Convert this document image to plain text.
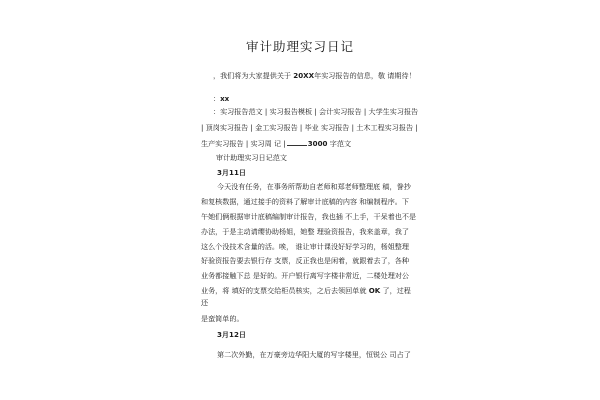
审计助理实习日记
，我们将为大家提供关于 20XX年实习报告的信息，敬 请期待！
：xx
：实习报告范文 | 实习报告模板 | 会计实习报告 | 大学生实习报告
| 顶岗实习报告 | 金工实习报告 | 毕业 实习报告 | 土木工程实习报告 |
生产实习报告 | 实习周 记 |	3000 字范文
审计助理实习日记范文
3月11日
今天没有任务，在事务所帮助自老师和郑老师整理底 稿，誊抄
和复核数据，通过接手的资料了解审计底稿的内容 和编制程序。下
午她们俩根据审计底稿编制审计报告，我也插 不上手，干呆着也不是
办法，于是主动请缨协助杨姐，她整 理验资报告，我来盖章，我了
这么个没技术含量的活。唉， 谁让审计课没好好学习的，杨姐整理
好验资报告要去银行存 支票，反正我也是闲着，就跟着去了，各种
业务都接触下总 是好的。开户银行离写字楼非常近，二楼处理对公
业务，将 填好的支票交给柜员核实，之后去领回单就 OK 了，过程
还
是蛮简单的。
3月12日
第二次外勤，在万豪旁边华阳大厦的写字楼里，恒锐公 司占了
